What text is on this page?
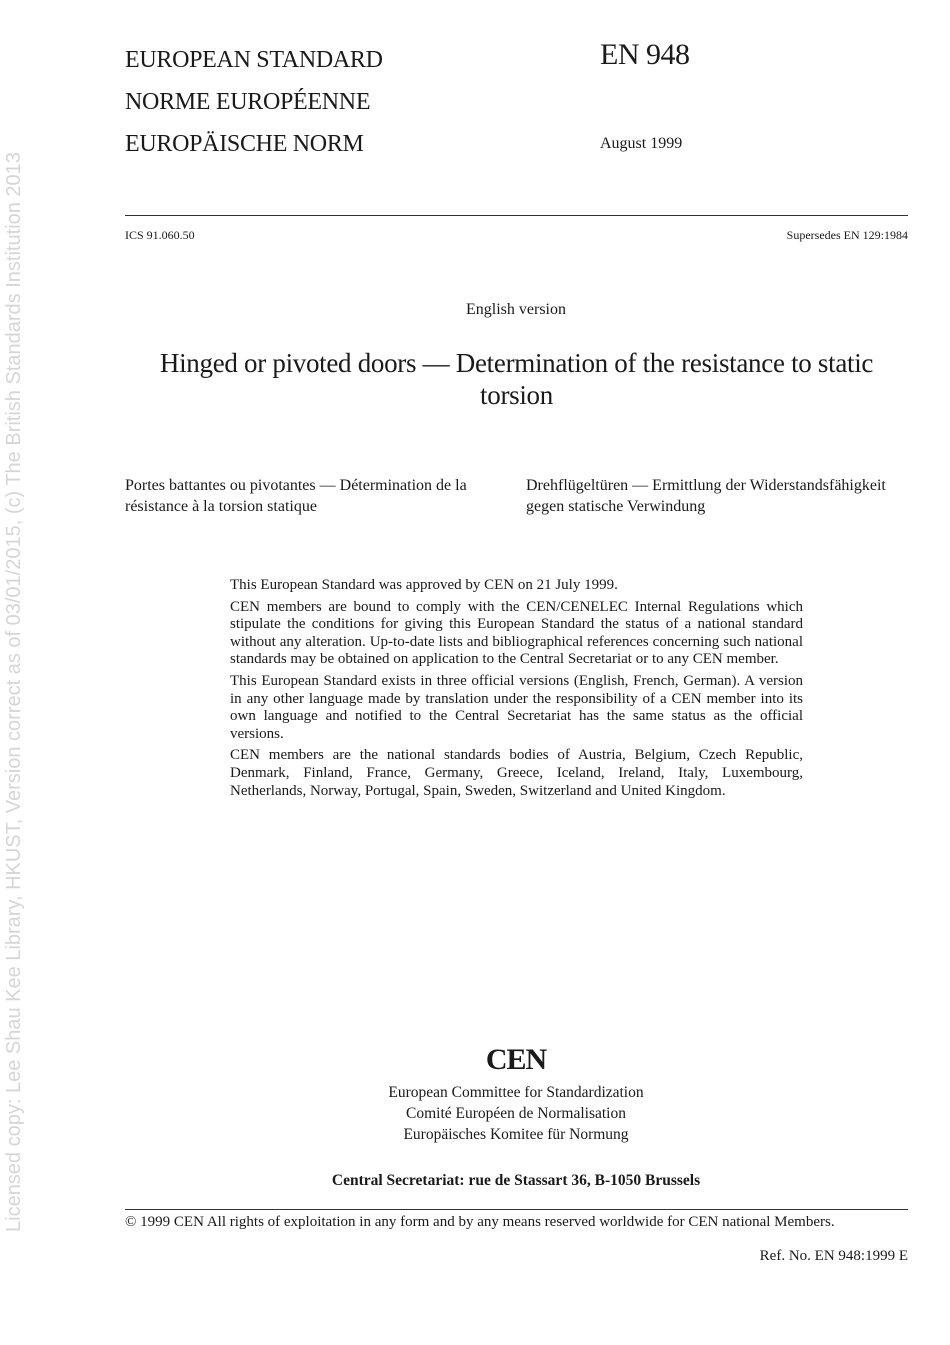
Licensed copy: Lee Shau Kee Library, HKUST, Version correct as of 03/01/2015, (c) The British Standards Institution 2013
EUROPEAN STANDARD
NORME EUROPÉENNE
EUROPÄISCHE NORM
EN 948
August 1999
ICS 91.060.50	Supersedes EN 129:1984
English version
Hinged or pivoted doors — Determination of the resistance to static torsion
Portes battantes ou pivotantes — Détermination de la résistance à la torsion statique
Drehflügeltüren — Ermittlung der Widerstandsfähigkeit gegen statische Verwindung

This European Standard was approved by CEN on 21 July 1999.

CEN members are bound to comply with the CEN/CENELEC Internal Regulations which stipulate the conditions for giving this European Standard the status of a national standard without any alteration. Up-to-date lists and bibliographical references concerning such national standards may be obtained on application to the Central Secretariat or to any CEN member.

This European Standard exists in three official versions (English, French, German). A version in any other language made by translation under the responsibility of a CEN member into its own language and notified to the Central Secretariat has the same status as the official versions.

CEN members are the national standards bodies of Austria, Belgium, Czech Republic, Denmark, Finland, France, Germany, Greece, Iceland, Ireland, Italy, Luxembourg, Netherlands, Norway, Portugal, Spain, Sweden, Switzerland and United Kingdom.

CEN
European Committee for Standardization
Comité Européen de Normalisation
Europäisches Komitee für Normung
Central Secretariat: rue de Stassart 36, B-1050 Brussels
© 1999 CEN All rights of exploitation in any form and by any means reserved worldwide for CEN national Members.
Ref. No. EN 948:1999 E
